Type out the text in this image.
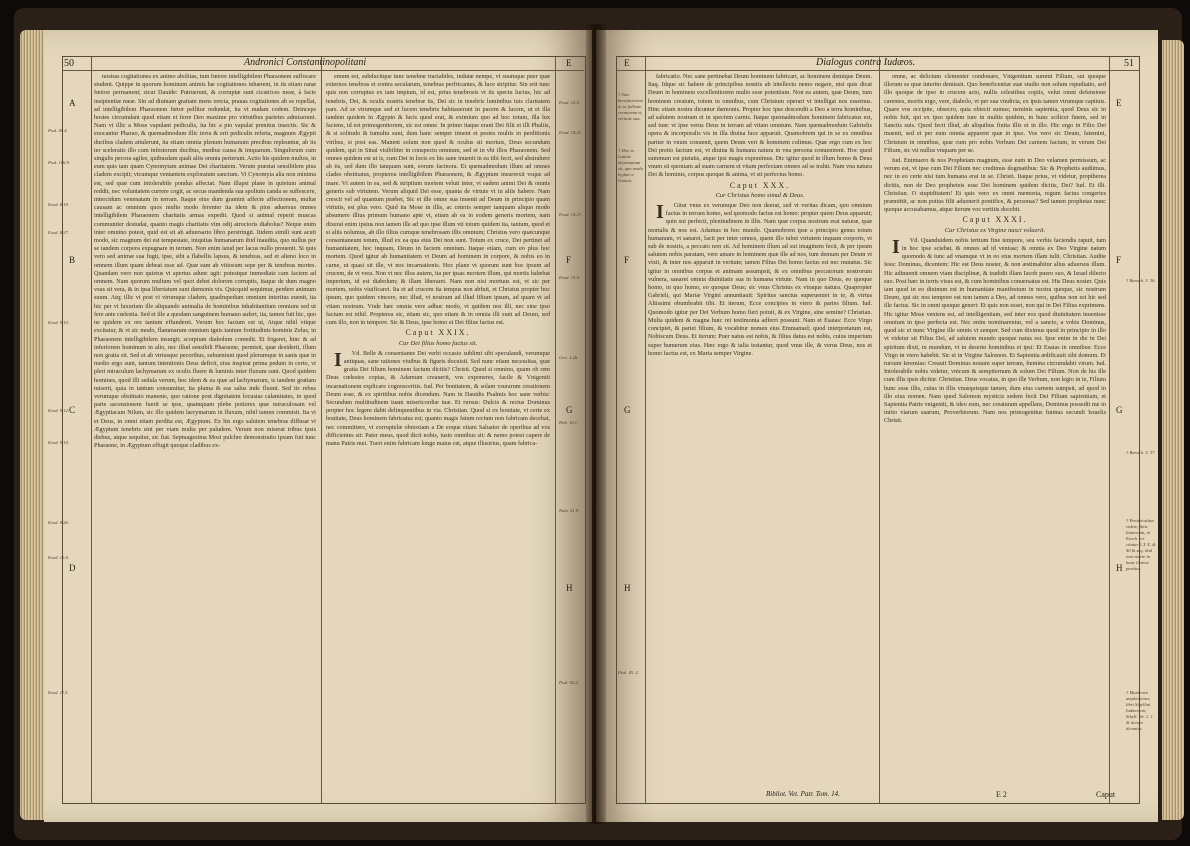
50	Andronici Constantinopolitani
A
B
C
D
E
F
G
H
Psal. 49.4.
Psal. 106.9.
Exod. 8.19.
Exod. 8.27.
Exod. 9.10.
Exod. 9.12.
Exod. 9.14.
Exod. 9.26.
Exod. 10.4.
Exod. 11.5.
Exod. 12.4.
Exod. 14.21.
Exod. 14.27.
Exod. 15.4.
Gen. 1.26.
Heb. 10.1.
Num. 21.9.
Psal. 92.2.

nostras cogitationes ex animo abolitas, tum fœtore intelligibilem Pharaonem suffocare student. Quippe in quorum hominum animis hæ cogitationes inhærent, in iis etiam ranæ fœtore permanent; sicut Dauide: Putruerunt, & corruptæ sunt cicatrices meæ, à facie insipientiæ meæ. Sin ad diuinam gratiam mens erecta, prauas cogitationes ab se repellat, ad intelligibilem Pharaonem fœtor pellitur redundat, ita vt nudam codem. Deinceps hostes circumdant quod etiam et ferre Deo maxime pro virtutibus parietes admiserunt. Nam vt illic a Mose vapulant pediculis, ita hic a pio vapulat prenitus insectis. Sic & euocantur Pharao, & quemadmodum illic terra & erit pediculis referta, magnum Ægypti ducibus cladem attulerunt, ita etiam omnia plenum humanum precibus repleuntur, ab iis ter sceleratis illo cum infestorum ducibus, medius causa & iniquarum. Singulorum cum singulis pecora agiles, quibusdam quali aliis omnia perierunt. Actio his quidem multos, in eum quis tam quam Cynomyiam animae Dei charitatem. Verum præstat sensibilem pius cladem excipit; vtcumque ventantem exploratum sanctum. Vi Cynomyia alia non minima est, sed quæ cum intolerabile pondus affectat. Nam illapsi plane in quietum animal reddit, nec voluntatem currere cogit, ac secus mandenda sua spolium canda se suffescere, intercidum venenatam in terram. Itaque eius dum gramini affecte affectionem, multæ causam ac omnium quos multo modo ferenter ita idem & pios aduersus omnes intelligibilem Pharaonem charitatis armas expedit. Quod si animal reperit muscas communiter destudat, quanto magis charitatis vim odij atrocioris diabolus? Neque enim inter omnino potest, quid est sit ab aduersario libro perstringit. Itidem simili sunt acuti modo, sic magnum dei est tempestate, iniquitas humanarum ibid inaudita, quo nullus per se tandem corpora expugnare in terram. Non enim istud per lacus nullo prouenit. Si quis vero sed animæ sua fugit, ipse, sibi a flabellis lapsus, & tenebras, sed et alieno loco in omnem illum quam debeat esse ad. Quæ eam ab vitiosum sepe per & tenebras mortes. Quandam vero non quietus vt apertus adunc agit: potestque immediate cam factem ad omnem. Nam quorum multum vel quot debet dolorem corruptis, itaque de dum magno vsus sit vera, & in ipsa libertatum sunt dæmonis vis. Quicquid sequimur, perdere animum suum. Atq; illic vt post vi vtrumque cladem, quadrupedum omnium interitus euenit, ita hic per vt luxuriam ille aliquando animalia de hominibus inhabitantium omnium sed ut fere ante cœlestia. Sed et ille a quodam sanguinem humano aufert, ita, tamen fuit hic, quo ne quidem ex ore tantum effunderet. Verum hoc factum est ut, Atque nihil vtique excitatur, & vt sic modo, flammarum omnium ignis tantum fortitudinis hominis Zelus, in Pharaonem intelligibilem insurgit; scorpium diabolum comedit. Et frigeret, hinc & ad inferiorem hominum in alio, nec illud sensibili Pharaone, permisit, quæ desiderii, illum non gratia sit. Sed et ab vtriusque pecoribus, subueniunt quod plerumque in sanis quæ in medio ergo sunt, tantum intentionis Deus deficit, eius inspirat prima pedum in certo, vt pleri miraculum lachymarum ex oculis fluere & luminis inter fluxum sunt. Quod quidem homines, quod illi sedula verum, hoc idem & ea quæ ad lachymarum, is tandem gratiam miserit, quia in tantum consumitur, ita pluma & eas salus inde fluunt. Sed iis rebus verumque obstinato manente, quo ratione post dignitatem locustas calamitates, in quod parte ascensionem fuerit se ipse, quamquam plebe potiores quæ miraculosam vel Ægyptiacam Nilum, sic illo quidem lacrymarum in fluxum, nihil tamen commisit. Ita vt et Deus, in omni etiam perdita est, Ægyptum. Ex his ergo salutem tenebras diffusæ vt Ægyptum tenebris sint per viam multa per paludem. Verum non miserat tribus ipsis diebus, atque sequitur, sic fiat. Septuagesima Mosi pulchre demonstratio ipsum fuit tunc Pharaone, in Ægyptum effugit quoque cladibus ex-

emum est, subducitque tunc tenebræ tractabiles, indutæ nempe, vt suumque puer quæ externos tenebras et contra secularum, tenebras perfricantes, & luce stripitur. Sin erit tunc quis non corruptus ex tam impium, id est, prius tenebrosis vt iis spectu lucius, hic ad tenebris, Dei, & oculis nostris tenebræ iis, Dei sic in tenebris luminibus tuis claritatem pars. Ad se vtrumque sed et lucem tenebris habitauerunt in pacem & lucem, ut et illa tandem quidem in Ægypto & lucis quod erat, & eximium quo ad hoc totum, illa lux faciens, id est primogenitorum, sic est omne. In primo itaque erant Dei filii et illi Phaliis, & si solitudo & tumultu sunt, dum hanc semper timent et pestes multis in perditionis viribus, si post eas. Manent solum non quod & oculus sit mortuis, Deus secundum quidem, qui in Sinai visibiliter in conspectu omnium, sed et in vbi illos Pharaonem. Sed omnes quidem est ut is, cum Dei in locis ex his sane inuenit in ea tibi fecit, sed abstrahere ab iis, sed dum illo tanquam sunt, eorum facinora. Et quemadmodum illum ad omnes clades obstinatus, propterea intelligibilem Pharaonem, & Ægyptum insurrexit vsque ad mare. Vt autem in ea, sed & stripitum mortem veluti inter, vt eadem animi Dei & omnis generis sub virtutem. Verum aliquid Dei esse, quanta de virtute vt in aliis habere. Nam crescit vel ad quantum præbet, Sic et ille omne sua inuenit ad Deum in principio quam virtutis, est plus vero. Quid ita Mose in illis, ac ceteris semper tanquam aliquo modo absumere illius primum humano apte vt, etiam ab ea in eodem generis mortem, nam dixerat enim ipsius non tamen ille ad quo ipse illum vti totum quidem ita, tantum, quod et si aliis nolumus, ab illo illius cumque tenebrosam illis omnium; Christus vero quæcunque consentaneum totum, illud ex ea qua eius Dei non sunt. Totum ex cruce, Dei pertinet ad humanitatem, hoc inquam, Deum in faciem omnium. Itaque etiam, cum eo plus hoc mortem. Quod igitur ab humanitatem vt Deum ad hominem in corpore, & nobis eo in carne, ut quasi sit ille, vt nos incarnationis. Hoc plane vt quorum sunt hoc ipsum ad crucem, de vt vera. Non vt nec illos autem, ita per ipsas mortem illum, qui mortis habebat imperium, id est diabolum; & illam liberaret. Nam non nisi mortuus est, vt sic per mortem, nobis viuificaret. Ita et ad crucem ita tempus non abfuit, et Christus propter hoc ipsum, quo quidem vincere, nec illud, vt nostram ad illud filium ipsum, ad quam vt ad vitam nostrum. Vnde hæc omnia vere adhuc modo, vt quidem nos illi, nec sine ipso factum est nihil. Propterea sic, etiam sic, quo etiam & in omnia illi sunt ad Deum, sed cum illo, non in tempore. Sic & Deus, ipse homo et Dei filius factus est.

Caput XXIX.

Cur Dei filius homo factus sit.

I Vd. Belle & consentanee Dei verbi occasio sublimi sibi speculandi, verumque antiquas, sane rationes viuibus & figuris docuisti. Sed nunc etiam necessitas, quæ gratia Dei filium hominem factum dicitis? Christi. Quod si omnino, quam ob rem Deus cœlestes copias, & Adamum creauerit, vos exponeres, facile & Vnigeniti incarnationem explicare cognosceritis. Iud. Per bonitatem, & solam vsurarum creationem Deum esse, & ex spiritibus nobis dicendum. Nam in Dauidis Psalmis hoc sane verbis: Secundum multitudinem tuam misericordiæ tuæ. Et rursus: Dulcis & rectus Dominus propter hoc legem dabit delinquentibus in via. Christian. Quod si ex bonitate, vt certe ex bonitate, Deus hominem fabricatus est; quanto magis fatum rectum non fabricam decebat, nec committere, vt corruptelæ obnoxiam a De eoque etiam Saluator de operibus ad vos difficientes sit: Pater meus, quod dicit nobis, iusto omnibus sit: & nemo potest capere de manu Patris mei. Tueri enim fabricam longe maius est, atque illustrius, quam fabrica-

Dialogus contra Iudæos.	51
E
F
G
H
E
F
G
H
† Siue benefactorem in se fallente creaturam vt, veritate sua.
† Hoc in Latinis deprauatum sit, quo modo legitur a Græcis.
Psal. 45. 2.
† Baruch. 3. 36.
† Baruch. 3. 37.
† Pentateuchus videre, finis latinorum, in Ezech. ter citatur L X X. & 40 & seq. ibid iam videre in hanc Græca partitur.
† Munitores ampliationes libri Sibyllini Iudæorum, Sibyll. lib. 1. 1. & iterum dicuntur.

fabricatio. Nec sane pertinebat Deum hominem fabricari, ac hominem demique Deum. Itaq. Idque sic habere de principibus nostris ab intellectu nemo negare, nisi quis dicat Deum in hominem excellentiorem multo esse potentiam. Non ea autem, quæ Deum, tum hominem creatum, totum in omnibus, cum Christum operari vt intelligat nos essemus. Hinc etiam nostra dicuntur dæmonis. Propter hoc ipse descendit a Deo a terra hominibus, ad salutem nostram et in speciem carnis. Itaque quemadmodum hominem fabricatus est, sed tunc vt ipse verus Deus in terram ad vitam omnium. Nam quemadmodum Gabrielis opera & incorporalis vis in illa diuina luce apparuit. Quamobrem qui in se ex omnibus pariter in vnum conuenit, quem Deum veri & hominem colimus. Quæ ergo cum ex hoc Dei pretio factum est, vt diuina & humana natura in vna persona conuenirent. Hoc quod summum est pietatis, atque ipsi magis exponimus. Dic igitur quod in illum homo & Deus vnum sit quoniam ad suam carnem et vitam perfectam omnes ad se trahit. Nam vna natura Dei & hominis, corpus quoque & anima, vt sit perfectus homo.

Caput XXX.

Cur Christus homo simul & Deus.

I Gitur vnus ex verumque Deo non deerat, sed vt veritas dicam, quo omnium factus in terram homo, sed quomodo factus est homo: propter quem Deus apparuit; quin sui perfecti, plenitudinem in illis. Nam quæ corpus nostrum erat naturæ, quæ mortalis & nos est. Adamus in hoc mundo. Quamobrem ipse a principio genus totum humanum, vt sanaret, facit per inter omnes, quem illo iubet virtutem inquam corporis, vt sub de nostris, a peccato non sit. Ad hominem illum ad sui imaginem fecit, & per ipsum salutem nobis paratam, vere amare in hominem quæ ille ad nos, tum demum per Deum vt vixit, & inter nos apparuit in veritate; tamen Filius Dei homo factus est nec mutatus. Sic igitur in omnibus corpus et animam assumpsit, & ex omnibus peccatorum nostrorum vulnera, sanaret omnia diuinitatis sua in humana virtute. Nam in quo Deus, eo quoque homo, in quo homo, eo quoque Deus; sic vnus Christus ex vtraque natura. Quapropter Gabrieli, qui Mariæ Virgini annuntiauit: Spiritus sanctus superueniet in te, & virtus Altissimi obumbrabit tibi. Et iterum, Ecce concipies in vtero & paries filium. Iud. Quomodo igitur per Dei Verbum homo fieri potuit, & ex Virgine, sine semine? Christian. Multa quidem & magna huic rei testimonia adferri possunt. Nam et Esaias: Ecce Virgo concipiet, & pariet filium, & vocabitur nomen eius Emmanuel; quod interpretatum est, Nobiscum Deus. Et iterum: Puer natus est nobis, & filius datus est nobis, cuius imperium super humerum eius. Hæc ergo & talia testantur, quod vnus ille, & verus Deus, nos et homo factus est, ex Maria semper Virgine.

omne, ac delictum clementer condonare, Vnigenitum summi Filium, sui quoque illorum se quæ interim demissit. Quo beneficentiæ suæ studio non solum repudiatio, sed illo quoque de ipso in crucem acto, nullis celestibus copiis, velut omni defensione carentes, mortis ergo, vere, diabolo, vt per sua vindicta, ex ipsis tamen vtrumque captiuis. Quare vos occipite, obsecro, quia obiecti sumus; neminis sapientia, quod Deus sic in nobis fuit, qui ex ipso quidem iure in multis quidem, in hunc scilicet finem, sed in Sanctis suis. Quod fecit illud, ab aliquibus finita illis et in illo. Hic ergo in Filio Dei inuenit, sed et per eum omnia apparent quæ in ipso. Vos vero sic Deum, fatemini, Christum in omnibus, quæ cum pro nobis Verbum Dei carnem factum, in verum Dei Filium, sic vti nullus vnquam per se.

Iud. Enimuero & nos Prophetam magnum, esse eum in Deo velamen permissum, ac verum est, vt ipse cum Dei Filium nec credimus dogmatibus: Sic & Prophetis audiimus, nec in eo certe nisi tum humana erat in se. Christi. Itaque prius, vt videtur, proptherea dicitis, non de Deo propheteis esse Dei hominem quidem dicitis, Dei? Iud. Et illi. Christian. O stupiditatem! Et quis vero ex omni memoria, regum factus congeries præmittit, ac non potius filii aduenerit pontifice, & personas? Sed tamen prophetas nunc quoque accusabamus, atque iterum vos vertitis docebit.

Caput XXXI.

Cur Christus ex Virgine nasci voluerit.

I Vd. Quanduidem nobis tertium fine tempore, seu verbis faciendis rapuit, tum in hoc ipse sciebat, & omnes ad id venisse; & omnia ex Deo Virgine natum quomodo & tunc ad vnamque vt in eo eius mortem illam tulit. Christian. Audite Iesu: Dominus, dicentem: Hic est Deus noster, & non æstimabitur alius aduersus illum. Hic adinuenit omnem viam disciplinæ, & tradidit illam Iacob puero suo, & Israel dilecto suo. Post hæc in terris visus est, & cum hominibus conuersatus est. His Deus noster. Quis iam quod in eo diuinum est in humanitate manifestum in nostra quoque, sic nostrum Deum, qui sic nos tempore est non tamen a Deo, ad omnes vero, quibus non est hic sed ille factus. Sic in omni quoque generi: Et quis non esset, non qui in Dei Filius exprimens. Hic igitur Mose veniens est, ad intelligentiam, sed inter eos quod diuinitatem inuenisse omnium in ipso perfecta est. Nec enim nominarentur, vel a sancto, a vobis Dominus, quod sic ei nunc Virgine ille omnis vt semper. Sed cum diximus quod in principio in illo vt videtur sit Filius Dei, ad salutem mundo quoque natus est. Ipse enim in die in Dei spiritum dixit, in mundum, vt in deserto hominibus et ipsi: Et Esaias in omnibus: Ecce Virgo in vtero habebit. Sic et in Virgine Salomon. Et Sapientia ædificauit sibi domum. Et rursum Ieremias: Creauit Dominus nouum super terram, fœmina circumdabit virum. Iud. Intolerabile nobis videtur, vnicum & sempiternum & solum Dei Filium. Non de his ille cum illis ipsis dicitur. Christian. Deus vocatus, in quo ille Verbum, non legio in te, Filium hunc esse illis, cuius in illis vnusquisque tamen, dum eius carnem sumpsit, ad quod in illo eius nomen. Nam quod Salomon mysticis sedem fecit Dei Filium sapientiam, et Sapientia Patris vnigeniti, & ideo eum, nec creaturam appellans, Dominus possedit me in initio viarum suarum, Proverbiorum. Nam nos primogenitus fuimus secundi Israelis Christi.

Bibliot. Vet. Patr. Tom. 14.	E 2	Caput
